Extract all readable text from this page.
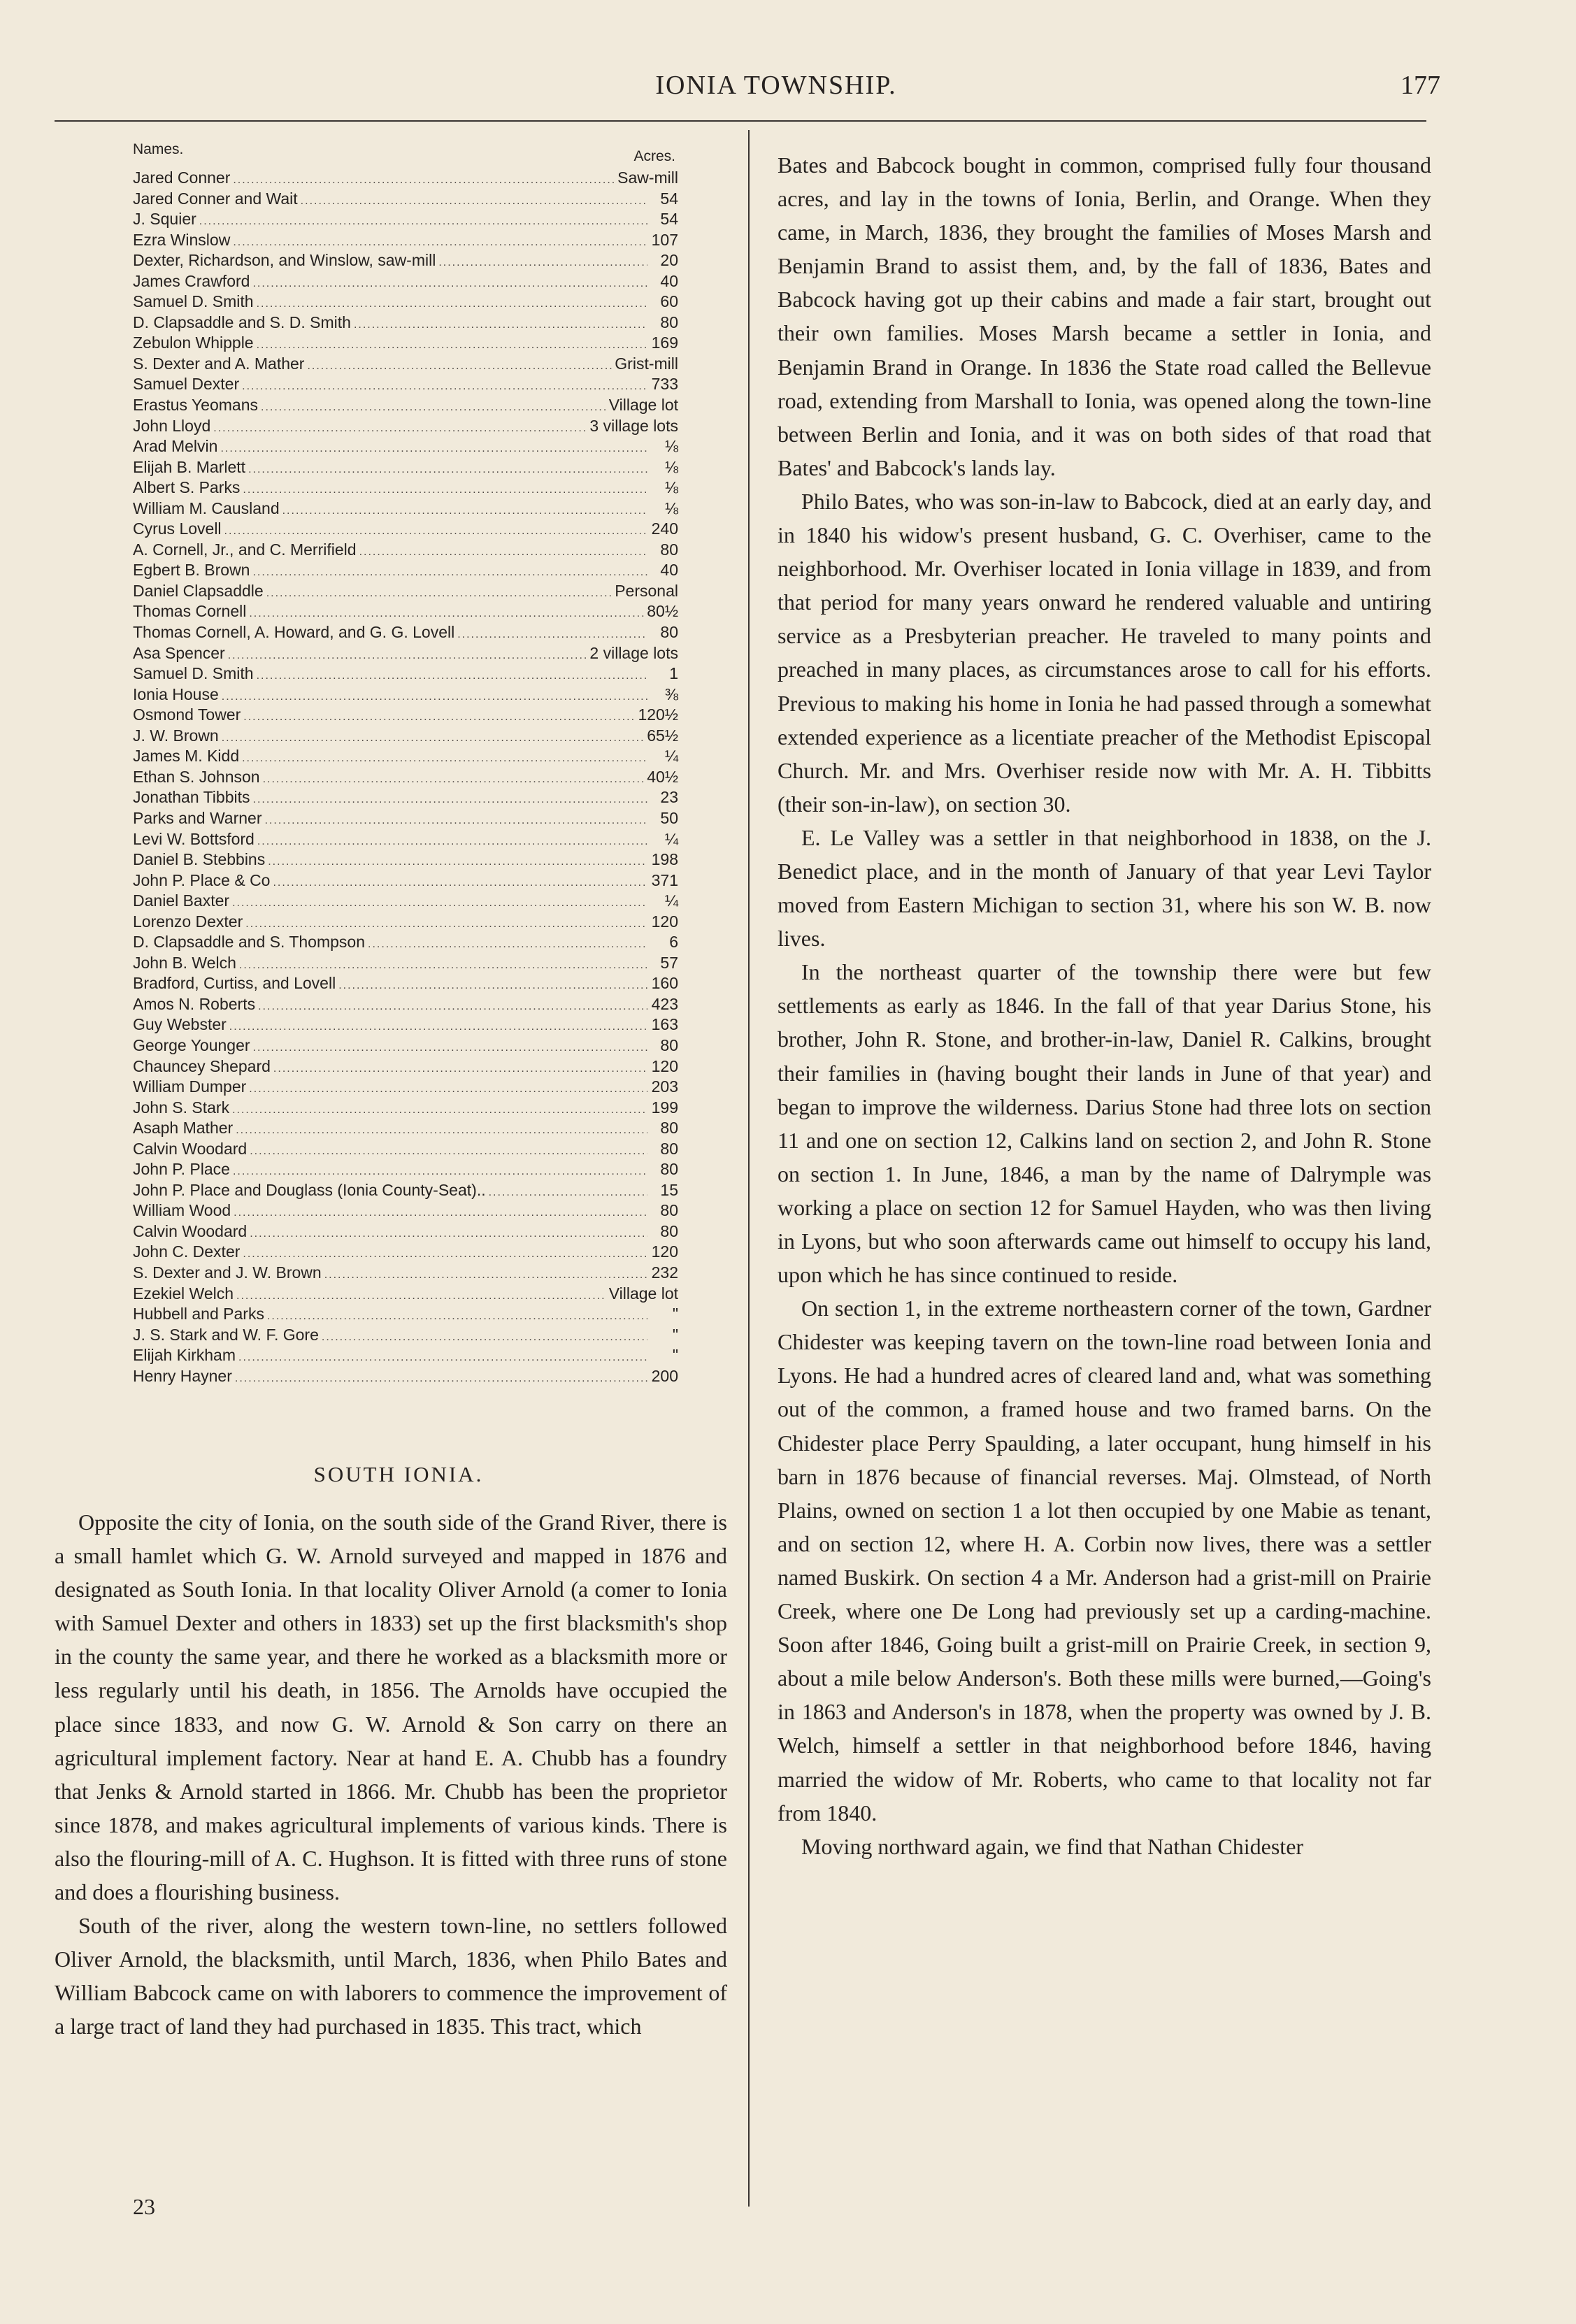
IONIA TOWNSHIP.	177
Names.	Acres.
Jared Conner .....	Saw-mill
Jared Conner and Wait .....	54
J. Squier .....	54
Ezra Winslow .....	107
Dexter, Richardson, and Winslow, saw-mill .....	20
James Crawford .....	40
Samuel D. Smith .....	60
D. Clapsaddle and S. D. Smith .....	80
Zebulon Whipple .....	169
S. Dexter and A. Mather .....	Grist-mill
Samuel Dexter .....	733
Erastus Yeomans .....	Village lot
John Lloyd .....	3 village lots
Arad Melvin .....	⅛
Elijah B. Marlett .....	⅛
Albert S. Parks .....	⅛
William M. Causland .....	⅛
Cyrus Lovell .....	240
A. Cornell, Jr., and C. Merrifield .....	80
Egbert B. Brown .....	40
Daniel Clapsaddle .....	Personal
Thomas Cornell .....	80½
Thomas Cornell, A. Howard, and G. G. Lovell .....	80
Asa Spencer .....	2 village lots
Samuel D. Smith .....	1
Ionia House .....	⅜
Osmond Tower .....	120½
J. W. Brown .....	65½
James M. Kidd .....	¼
Ethan S. Johnson .....	40½
Jonathan Tibbits .....	23
Parks and Warner .....	50
Levi W. Bottsford .....	¼
Daniel B. Stebbins .....	198
John P. Place & Co .....	371
Daniel Baxter .....	¼
Lorenzo Dexter .....	120
D. Clapsaddle and S. Thompson .....	6
John B. Welch .....	57
Bradford, Curtiss, and Lovell .....	160
Amos N. Roberts .....	423
Guy Webster .....	163
George Younger .....	80
Chauncey Shepard .....	120
William Dumper .....	203
John S. Stark .....	199
Asaph Mather .....	80
Calvin Woodard .....	80
John P. Place .....	80
John P. Place and Douglass (Ionia County-Seat).. .....	15
William Wood .....	80
Calvin Woodard .....	80
John C. Dexter .....	120
S. Dexter and J. W. Brown .....	232
Ezekiel Welch .....	Village lot
Hubbell and Parks .....	"
J. S. Stark and W. F. Gore .....	"
Elijah Kirkham .....	"
Henry Hayner .....	200
SOUTH IONIA.

Opposite the city of Ionia, on the south side of the Grand River, there is a small hamlet which G. W. Arnold surveyed and mapped in 1876 and designated as South Ionia. In that locality Oliver Arnold (a comer to Ionia with Samuel Dexter and others in 1833) set up the first blacksmith's shop in the county the same year, and there he worked as a blacksmith more or less regularly until his death, in 1856. The Arnolds have occupied the place since 1833, and now G. W. Arnold & Son carry on there an agricultural implement factory. Near at hand E. A. Chubb has a foundry that Jenks & Arnold started in 1866. Mr. Chubb has been the proprietor since 1878, and makes agricultural implements of various kinds. There is also the flouring-mill of A. C. Hughson. It is fitted with three runs of stone and does a flourishing business.

South of the river, along the western town-line, no settlers followed Oliver Arnold, the blacksmith, until March, 1836, when Philo Bates and William Babcock came on with laborers to commence the improvement of a large tract of land they had purchased in 1835. This tract, which

23

Bates and Babcock bought in common, comprised fully four thousand acres, and lay in the towns of Ionia, Berlin, and Orange. When they came, in March, 1836, they brought the families of Moses Marsh and Benjamin Brand to assist them, and, by the fall of 1836, Bates and Babcock having got up their cabins and made a fair start, brought out their own families. Moses Marsh became a settler in Ionia, and Benjamin Brand in Orange. In 1836 the State road called the Bellevue road, extending from Marshall to Ionia, was opened along the town-line between Berlin and Ionia, and it was on both sides of that road that Bates' and Babcock's lands lay.

Philo Bates, who was son-in-law to Babcock, died at an early day, and in 1840 his widow's present husband, G. C. Overhiser, came to the neighborhood. Mr. Overhiser located in Ionia village in 1839, and from that period for many years onward he rendered valuable and untiring service as a Presbyterian preacher. He traveled to many points and preached in many places, as circumstances arose to call for his efforts. Previous to making his home in Ionia he had passed through a somewhat extended experience as a licentiate preacher of the Methodist Episcopal Church. Mr. and Mrs. Overhiser reside now with Mr. A. H. Tibbitts (their son-in-law), on section 30.

E. Le Valley was a settler in that neighborhood in 1838, on the J. Benedict place, and in the month of January of that year Levi Taylor moved from Eastern Michigan to section 31, where his son W. B. now lives.

In the northeast quarter of the township there were but few settlements as early as 1846. In the fall of that year Darius Stone, his brother, John R. Stone, and brother-in-law, Daniel R. Calkins, brought their families in (having bought their lands in June of that year) and began to improve the wilderness. Darius Stone had three lots on section 11 and one on section 12, Calkins land on section 2, and John R. Stone on section 1. In June, 1846, a man by the name of Dalrymple was working a place on section 12 for Samuel Hayden, who was then living in Lyons, but who soon afterwards came out himself to occupy his land, upon which he has since continued to reside.

On section 1, in the extreme northeastern corner of the town, Gardner Chidester was keeping tavern on the town-line road between Ionia and Lyons. He had a hundred acres of cleared land and, what was something out of the common, a framed house and two framed barns. On the Chidester place Perry Spaulding, a later occupant, hung himself in his barn in 1876 because of financial reverses. Maj. Olmstead, of North Plains, owned on section 1 a lot then occupied by one Mabie as tenant, and on section 12, where H. A. Corbin now lives, there was a settler named Buskirk. On section 4 a Mr. Anderson had a grist-mill on Prairie Creek, where one De Long had previously set up a carding-machine. Soon after 1846, Going built a grist-mill on Prairie Creek, in section 9, about a mile below Anderson's. Both these mills were burned,—Going's in 1863 and Anderson's in 1878, when the property was owned by J. B. Welch, himself a settler in that neighborhood before 1846, having married the widow of Mr. Roberts, who came to that locality not far from 1840.

Moving northward again, we find that Nathan Chidester
